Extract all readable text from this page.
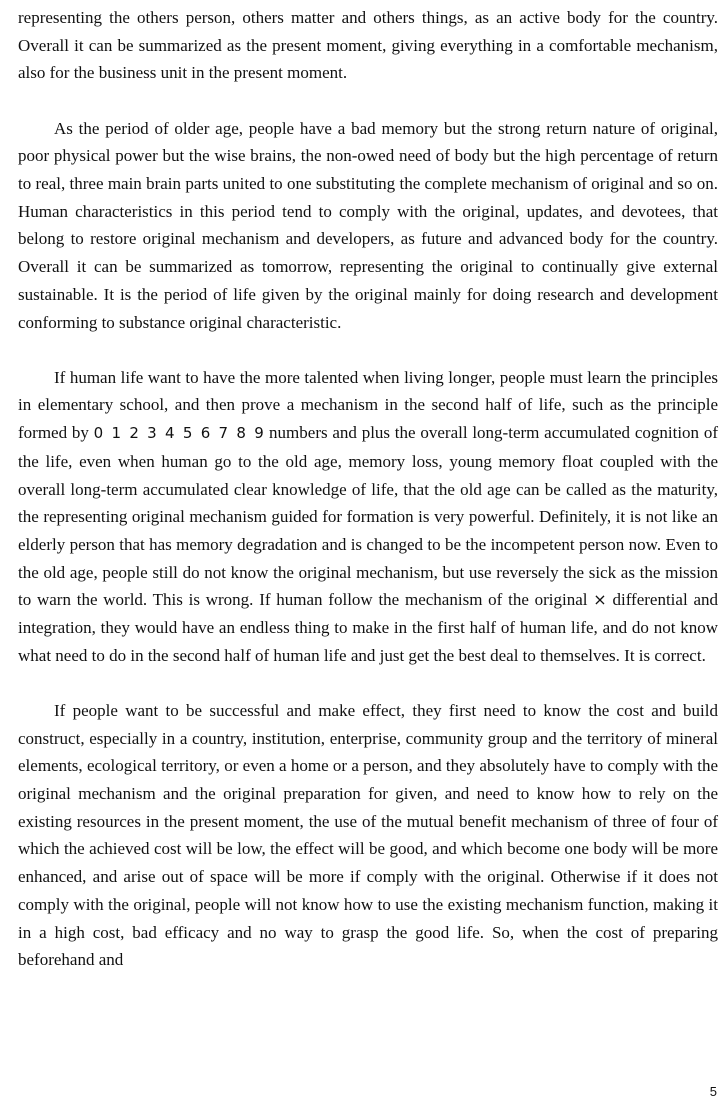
representing the others person, others matter and others things, as an active body for the country. Overall it can be summarized as the present moment, giving everything in a comfortable mechanism, also for the business unit in the present moment.

As the period of older age, people have a bad memory but the strong return nature of original, poor physical power but the wise brains, the non-owed need of body but the high percentage of return to real, three main brain parts united to one substituting the complete mechanism of original and so on. Human characteristics in this period tend to comply with the original, updates, and devotees, that belong to restore original mechanism and developers, as future and advanced body for the country. Overall it can be summarized as tomorrow, representing the original to continually give external sustainable. It is the period of life given by the original mainly for doing research and development conforming to substance original characteristic.

If human life want to have the more talented when living longer, people must learn the principles in elementary school, and then prove a mechanism in the second half of life, such as the principle formed by 0 1 2 3 4 5 6 7 8 9 numbers and plus the overall long-term accumulated cognition of the life, even when human go to the old age, memory loss, young memory float coupled with the overall long-term accumulated clear knowledge of life, that the old age can be called as the maturity, the representing original mechanism guided for formation is very powerful. Definitely, it is not like an elderly person that has memory degradation and is changed to be the incompetent person now. Even to the old age, people still do not know the original mechanism, but use reversely the sick as the mission to warn the world. This is wrong. If human follow the mechanism of the original × differential and integration, they would have an endless thing to make in the first half of human life, and do not know what need to do in the second half of human life and just get the best deal to themselves. It is correct.

If people want to be successful and make effect, they first need to know the cost and build construct, especially in a country, institution, enterprise, community group and the territory of mineral elements, ecological territory, or even a home or a person, and they absolutely have to comply with the original mechanism and the original preparation for given, and need to know how to rely on the existing resources in the present moment, the use of the mutual benefit mechanism of three of four of which the achieved cost will be low, the effect will be good, and which become one body will be more enhanced, and arise out of space will be more if comply with the original. Otherwise if it does not comply with the original, people will not know how to use the existing mechanism function, making it in a high cost, bad efficacy and no way to grasp the good life. So, when the cost of preparing beforehand and

5
